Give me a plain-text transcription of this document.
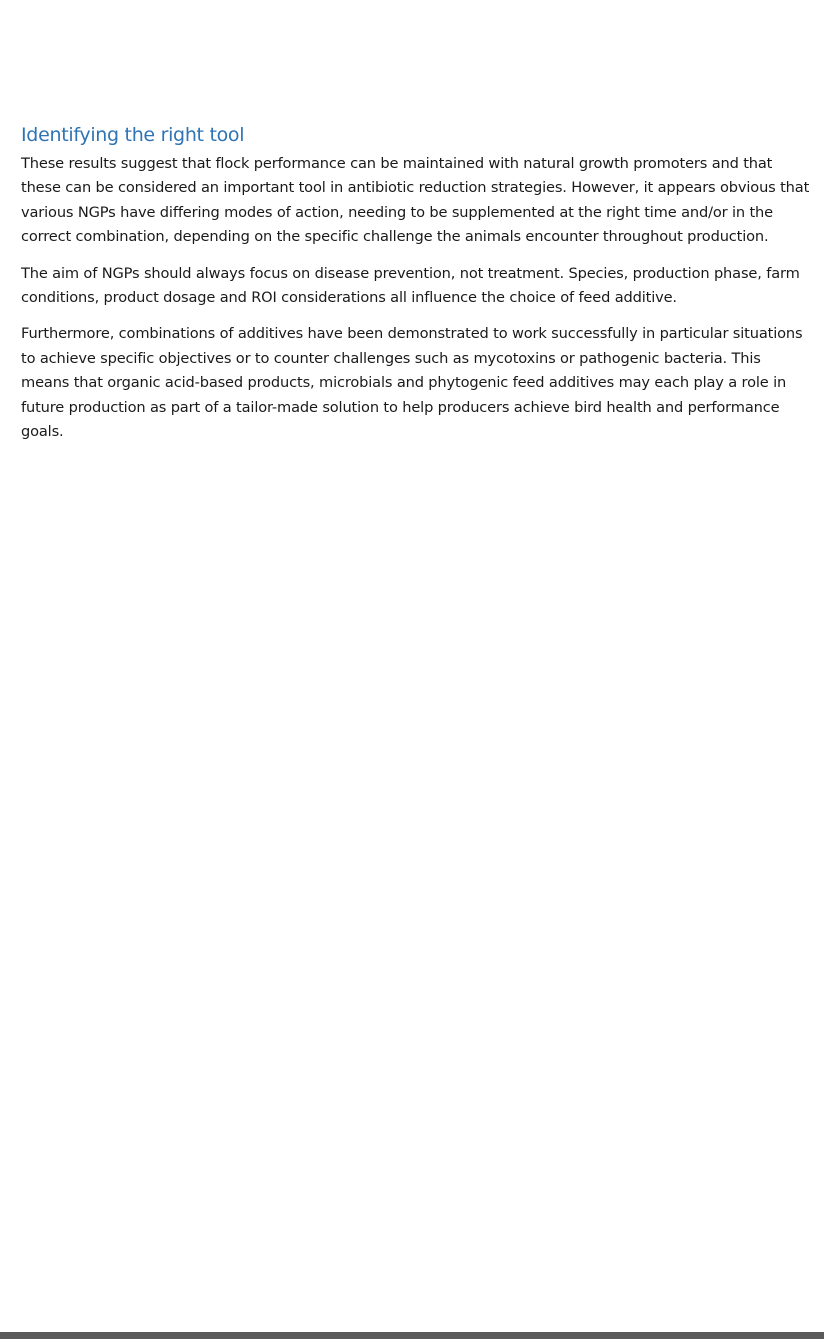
Identifying the right tool

These results suggest that flock performance can be maintained with natural growth promoters and that these can be considered an important tool in antibiotic reduction strategies. However, it appears obvious that various NGPs have differing modes of action, needing to be supplemented at the right time and/or in the correct combination, depending on the specific challenge the animals encounter throughout production.

The aim of NGPs should always focus on disease prevention, not treatment. Species, production phase, farm conditions, product dosage and ROI considerations all influence the choice of feed additive.

Furthermore, combinations of additives have been demonstrated to work successfully in particular situations to achieve specific objectives or to counter challenges such as mycotoxins or pathogenic bacteria. This means that organic acid-based products, microbials and phytogenic feed additives may each play a role in future production as part of a tailor-made solution to help producers achieve bird health and performance goals.
